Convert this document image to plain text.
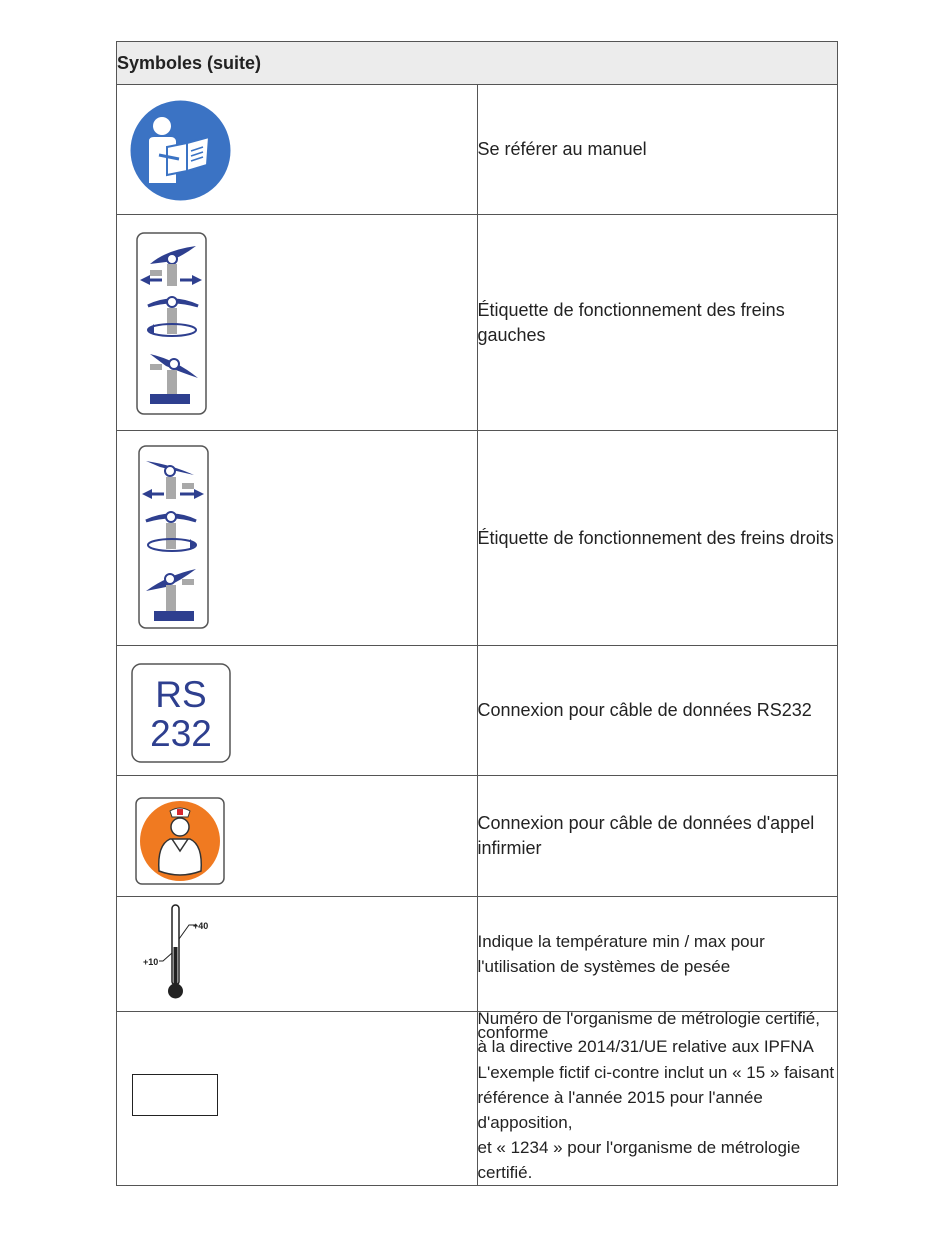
Symboles (suite)	

	Se référer au manuel

	Étiquette de fonctionnement des freins gauches

	Étiquette de fonctionnement des freins droits

RS
232	Connexion pour câble de données RS232

	Connexion pour câble de données d'appel infirmier

+40
+10	Indique la température min / max pour l'utilisation de systèmes de pesée

	Numéro de l'organisme de métrologie certifié, conforme
à la directive 2014/31/UE relative aux IPFNA
L'exemple fictif ci-contre inclut un « 15 » faisant
référence à l'année 2015 pour l'année d'apposition,
et « 1234 » pour l'organisme de métrologie certifié.
